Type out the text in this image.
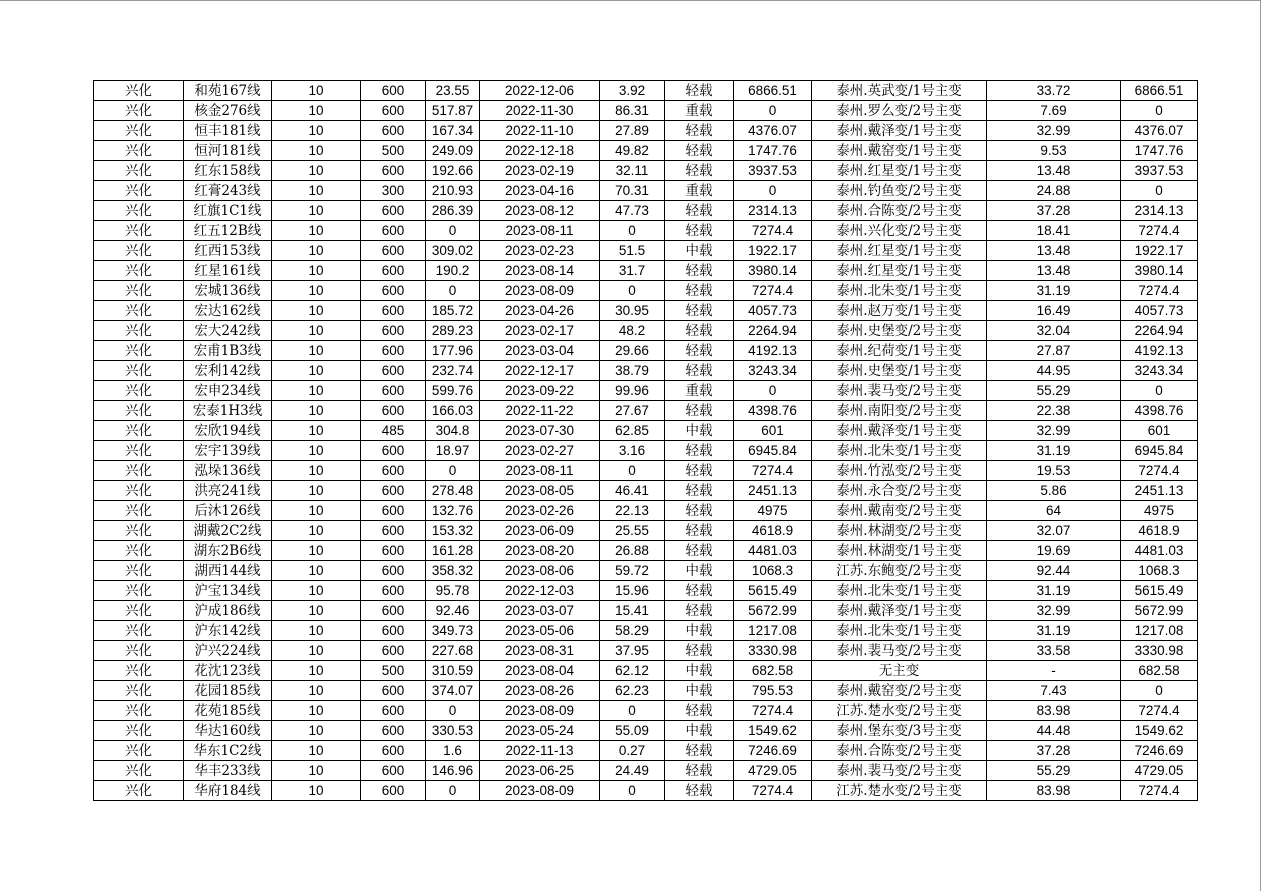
兴化	和苑167线	10	600	23.55	2022-12-06	3.92	轻载	6866.51	泰州.英武变/1号主变	33.72	6866.51
兴化	核金276线	10	600	517.87	2022-11-30	86.31	重载	0	泰州.罗么变/2号主变	7.69	0
兴化	恒丰181线	10	600	167.34	2022-11-10	27.89	轻载	4376.07	泰州.戴泽变/1号主变	32.99	4376.07
兴化	恒河181线	10	500	249.09	2022-12-18	49.82	轻载	1747.76	泰州.戴窑变/1号主变	9.53	1747.76
兴化	红东158线	10	600	192.66	2023-02-19	32.11	轻载	3937.53	泰州.红星变/1号主变	13.48	3937.53
兴化	红膏243线	10	300	210.93	2023-04-16	70.31	重载	0	泰州.钓鱼变/2号主变	24.88	0
兴化	红旗1C1线	10	600	286.39	2023-08-12	47.73	轻载	2314.13	泰州.合陈变/2号主变	37.28	2314.13
兴化	红五12B线	10	600	0	2023-08-11	0	轻载	7274.4	泰州.兴化变/2号主变	18.41	7274.4
兴化	红西153线	10	600	309.02	2023-02-23	51.5	中载	1922.17	泰州.红星变/1号主变	13.48	1922.17
兴化	红星161线	10	600	190.2	2023-08-14	31.7	轻载	3980.14	泰州.红星变/1号主变	13.48	3980.14
兴化	宏城136线	10	600	0	2023-08-09	0	轻载	7274.4	泰州.北朱变/1号主变	31.19	7274.4
兴化	宏达162线	10	600	185.72	2023-04-26	30.95	轻载	4057.73	泰州.赵万变/1号主变	16.49	4057.73
兴化	宏大242线	10	600	289.23	2023-02-17	48.2	轻载	2264.94	泰州.史堡变/2号主变	32.04	2264.94
兴化	宏甫1B3线	10	600	177.96	2023-03-04	29.66	轻载	4192.13	泰州.纪荷变/1号主变	27.87	4192.13
兴化	宏利142线	10	600	232.74	2022-12-17	38.79	轻载	3243.34	泰州.史堡变/1号主变	44.95	3243.34
兴化	宏申234线	10	600	599.76	2023-09-22	99.96	重载	0	泰州.裴马变/2号主变	55.29	0
兴化	宏泰1H3线	10	600	166.03	2022-11-22	27.67	轻载	4398.76	泰州.南阳变/2号主变	22.38	4398.76
兴化	宏欣194线	10	485	304.8	2023-07-30	62.85	中载	601	泰州.戴泽变/1号主变	32.99	601
兴化	宏宇139线	10	600	18.97	2023-02-27	3.16	轻载	6945.84	泰州.北朱变/1号主变	31.19	6945.84
兴化	泓垛136线	10	600	0	2023-08-11	0	轻载	7274.4	泰州.竹泓变/2号主变	19.53	7274.4
兴化	洪亮241线	10	600	278.48	2023-08-05	46.41	轻载	2451.13	泰州.永合变/2号主变	5.86	2451.13
兴化	后沐126线	10	600	132.76	2023-02-26	22.13	轻载	4975	泰州.戴南变/2号主变	64	4975
兴化	湖戴2C2线	10	600	153.32	2023-06-09	25.55	轻载	4618.9	泰州.林湖变/2号主变	32.07	4618.9
兴化	湖东2B6线	10	600	161.28	2023-08-20	26.88	轻载	4481.03	泰州.林湖变/1号主变	19.69	4481.03
兴化	湖西144线	10	600	358.32	2023-08-06	59.72	中载	1068.3	江苏.东鲍变/2号主变	92.44	1068.3
兴化	沪宝134线	10	600	95.78	2022-12-03	15.96	轻载	5615.49	泰州.北朱变/1号主变	31.19	5615.49
兴化	沪成186线	10	600	92.46	2023-03-07	15.41	轻载	5672.99	泰州.戴泽变/1号主变	32.99	5672.99
兴化	沪东142线	10	600	349.73	2023-05-06	58.29	中载	1217.08	泰州.北朱变/1号主变	31.19	1217.08
兴化	沪兴224线	10	600	227.68	2023-08-31	37.95	轻载	3330.98	泰州.裴马变/2号主变	33.58	3330.98
兴化	花沈123线	10	500	310.59	2023-08-04	62.12	中载	682.58	无主变	-	682.58
兴化	花园185线	10	600	374.07	2023-08-26	62.23	中载	795.53	泰州.戴窑变/2号主变	7.43	0
兴化	花苑185线	10	600	0	2023-08-09	0	轻载	7274.4	江苏.楚水变/2号主变	83.98	7274.4
兴化	华达160线	10	600	330.53	2023-05-24	55.09	中载	1549.62	泰州.堡东变/3号主变	44.48	1549.62
兴化	华东1C2线	10	600	1.6	2022-11-13	0.27	轻载	7246.69	泰州.合陈变/2号主变	37.28	7246.69
兴化	华丰233线	10	600	146.96	2023-06-25	24.49	轻载	4729.05	泰州.裴马变/2号主变	55.29	4729.05
兴化	华府184线	10	600	0	2023-08-09	0	轻载	7274.4	江苏.楚水变/2号主变	83.98	7274.4
